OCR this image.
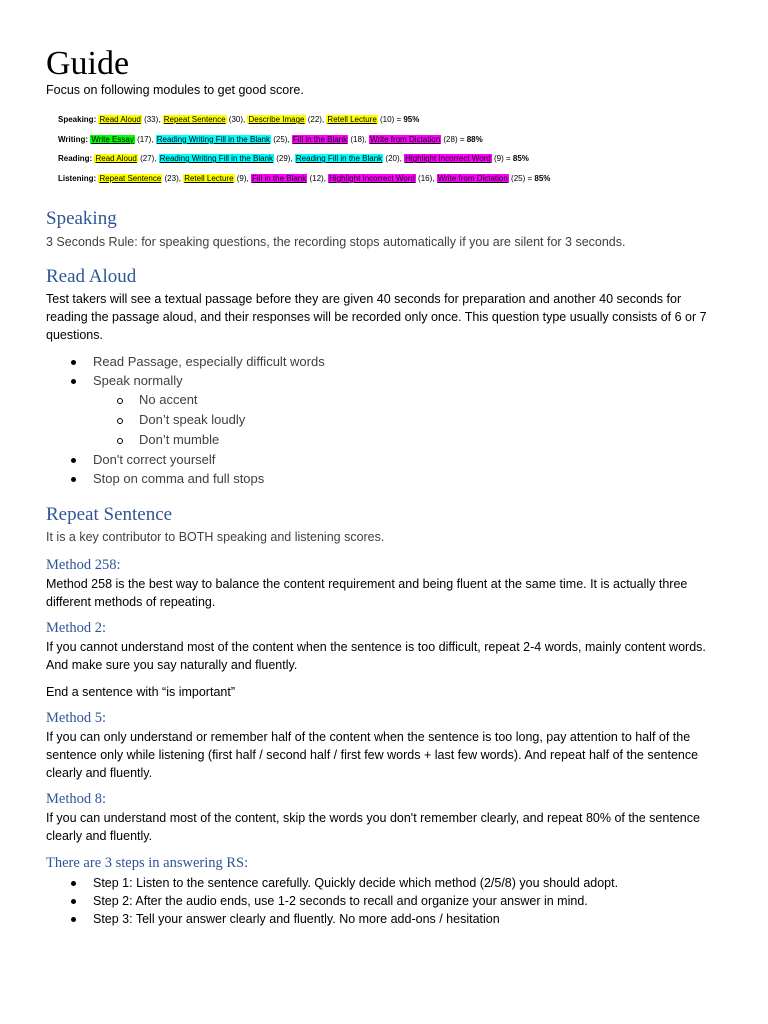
Guide
Focus on following modules to get good score.
Speaking: Read Aloud (33), Repeat Sentence (30), Describe Image (22), Retell Lecture (10) = 95%
Writing: Write Essay (17), Reading Writing Fill in the Blank (25), Fill in the Blank (18), Write from Dictation (28) = 88%
Reading: Read Aloud (27), Reading Writing Fill in the Blank (29), Reading Fill in the Blank (20), Highlight Incorrect Word (9) = 85%
Listening: Repeat Sentence (23), Retell Lecture (9), Fill in the Blank (12), Highlight Incorrect Word (16), Write from Dictation (25) = 85%
Speaking

3 Seconds Rule: for speaking questions, the recording stops automatically if you are silent for 3 seconds.

Read Aloud

Test takers will see a textual passage before they are given 40 seconds for preparation and another 40 seconds for reading the passage aloud, and their responses will be recorded only once. This question type usually consists of 6 or 7 questions.

Read Passage, especially difficult words
Speak normally
No accent
Don’t speak loudly
Don’t mumble
Don't correct yourself
Stop on comma and full stops
Repeat Sentence

It is a key contributor to BOTH speaking and listening scores.

Method 258:

Method 258 is the best way to balance the content requirement and being fluent at the same time. It is actually three different methods of repeating.

Method 2:

If you cannot understand most of the content when the sentence is too difficult, repeat 2-4 words, mainly content words. And make sure you say naturally and fluently.

End a sentence with “is important”

Method 5:

If you can only understand or remember half of the content when the sentence is too long, pay attention to half of the sentence only while listening (first half / second half / first few words + last few words). And repeat half of the sentence clearly and fluently.

Method 8:

If you can understand most of the content, skip the words you don't remember clearly, and repeat 80% of the sentence clearly and fluently.

There are 3 steps in answering RS:
Step 1: Listen to the sentence carefully. Quickly decide which method (2/5/8) you should adopt.
Step 2: After the audio ends, use 1-2 seconds to recall and organize your answer in mind.
Step 3: Tell your answer clearly and fluently. No more add-ons / hesitation
